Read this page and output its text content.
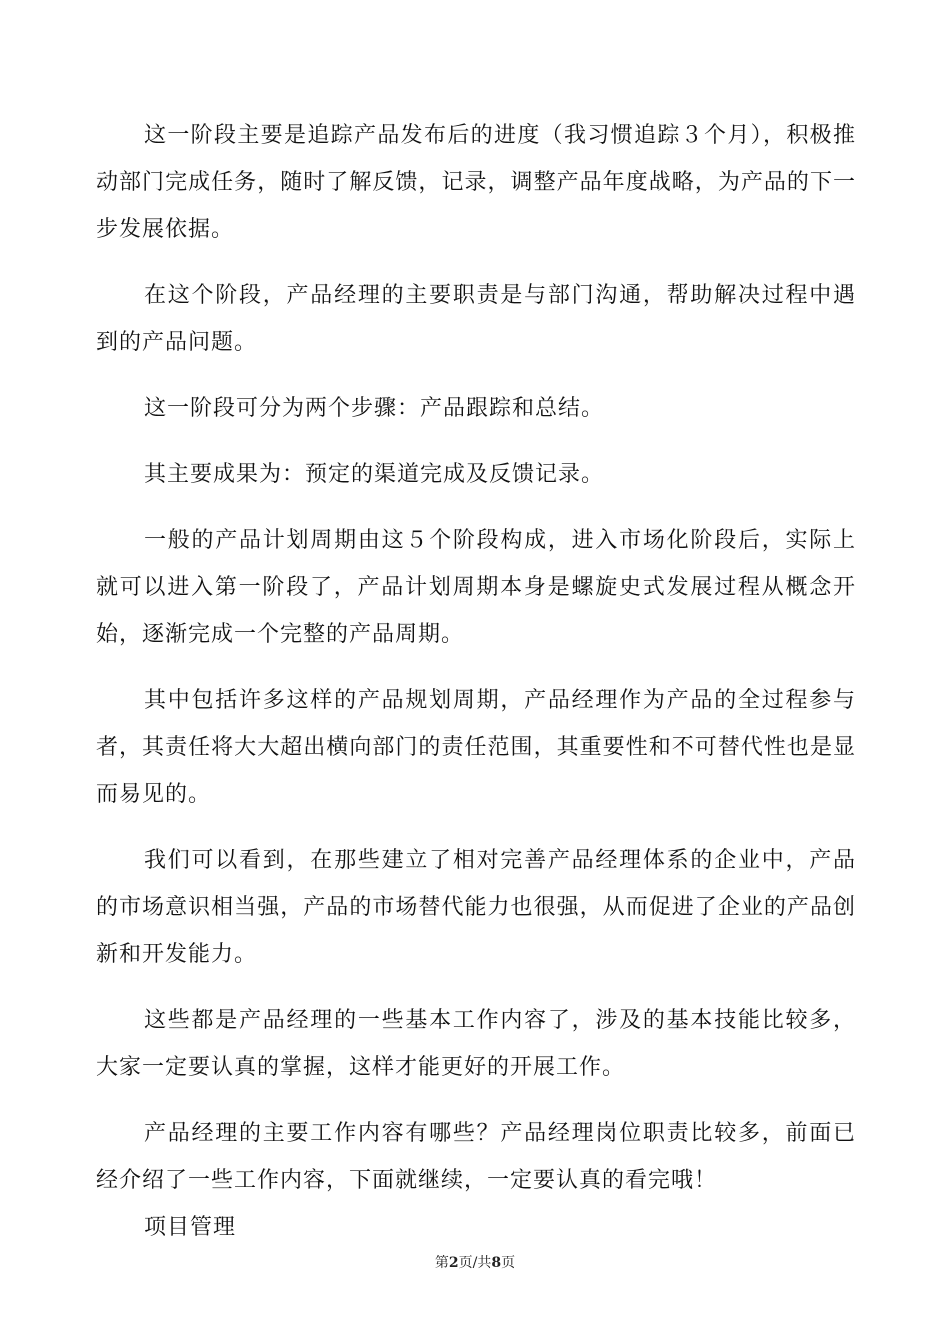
这一阶段主要是追踪产品发布后的进度（我习惯追踪３个月），积极推动部门完成任务，随时了解反馈，记录，调整产品年度战略，为产品的下一步发展依据。

在这个阶段，产品经理的主要职责是与部门沟通，帮助解决过程中遇到的产品问题。

这一阶段可分为两个步骤：产品跟踪和总结。

其主要成果为：预定的渠道完成及反馈记录。

一般的产品计划周期由这５个阶段构成，进入市场化阶段后，实际上就可以进入第一阶段了，产品计划周期本身是螺旋史式发展过程从概念开始，逐渐完成一个完整的产品周期。

其中包括许多这样的产品规划周期，产品经理作为产品的全过程参与者，其责任将大大超出横向部门的责任范围，其重要性和不可替代性也是显而易见的。

我们可以看到，在那些建立了相对完善产品经理体系的企业中，产品的市场意识相当强，产品的市场替代能力也很强，从而促进了企业的产品创新和开发能力。

这些都是产品经理的一些基本工作内容了，涉及的基本技能比较多，大家一定要认真的掌握，这样才能更好的开展工作。

产品经理的主要工作内容有哪些？产品经理岗位职责比较多，前面已经介绍了一些工作内容，下面就继续，一定要认真的看完哦！

项目管理

第2页/共8页
